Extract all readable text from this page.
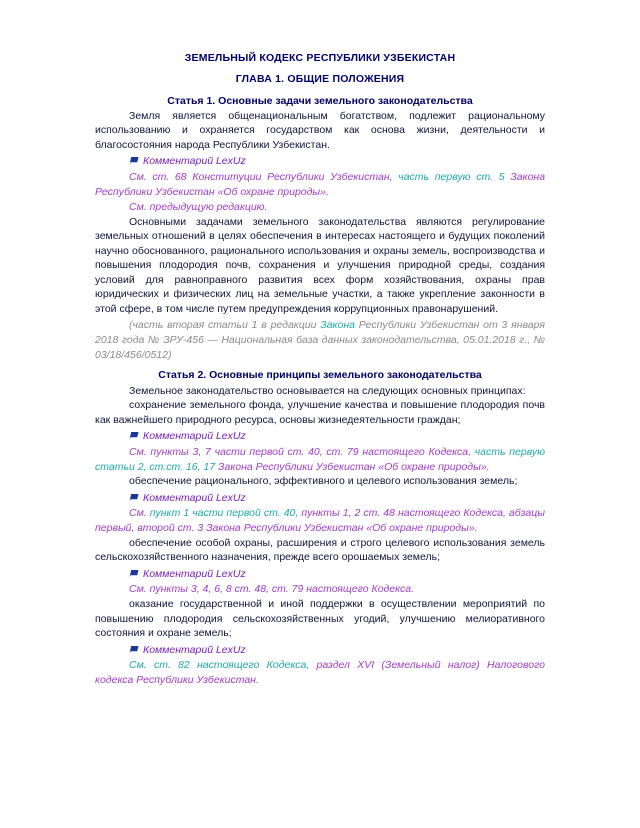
ЗЕМЕЛЬНЫЙ КОДЕКС РЕСПУБЛИКИ УЗБЕКИСТАН
ГЛАВА 1. ОБЩИЕ ПОЛОЖЕНИЯ
Статья 1. Основные задачи земельного законодательства

Земля является общенациональным богатством, подлежит рациональному использованию и охраняется государством как основа жизни, деятельности и благосостояния народа Республики Узбекистан.

Комментарий LexUz

См. ст. 68 Конституции Республики Узбекистан, часть первую ст. 5 Закона Республики Узбекистан «Об охране природы».

См. предыдущую редакцию.

Основными задачами земельного законодательства являются регулирование земельных отношений в целях обеспечения в интересах настоящего и будущих поколений научно обоснованного, рационального использования и охраны земель, воспроизводства и повышения плодородия почв, сохранения и улучшения природной среды, создания условий для равноправного развития всех форм хозяйствования, охраны прав юридических и физических лиц на земельные участки, а также укрепление законности в этой сфере, в том числе путем предупреждения коррупционных правонарушений.

(часть вторая статьи 1 в редакции Закона Республики Узбекистан от 3 января 2018 года № ЗРУ-456 — Национальная база данных законодательства, 05.01.2018 г., № 03/18/456/0512)

Статья 2. Основные принципы земельного законодательства

Земельное законодательство основывается на следующих основных принципах:

сохранение земельного фонда, улучшение качества и повышение плодородия почв как важнейшего природного ресурса, основы жизнедеятельности граждан;

Комментарий LexUz

См. пункты 3, 7 части первой ст. 40, ст. 79 настоящего Кодекса, часть первую статьи 2, ст.ст. 16, 17 Закона Республики Узбекистан «Об охране природы».

обеспечение рационального, эффективного и целевого использования земель;

Комментарий LexUz

См. пункт 1 части первой ст. 40, пункты 1, 2 ст. 48 настоящего Кодекса, абзацы первый, второй ст. 3 Закона Республики Узбекистан «Об охране природы».

обеспечение особой охраны, расширения и строго целевого использования земель сельскохозяйственного назначения, прежде всего орошаемых земель;

Комментарий LexUz

См. пункты 3, 4, 6, 8 ст. 48, ст. 79 настоящего Кодекса.

оказание государственной и иной поддержки в осуществлении мероприятий по повышению плодородия сельскохозяйственных угодий, улучшению мелиоративного состояния и охране земель;

Комментарий LexUz

См. ст. 82 настоящего Кодекса, раздел XVI (Земельный налог) Налогового кодекса Республики Узбекистан.
